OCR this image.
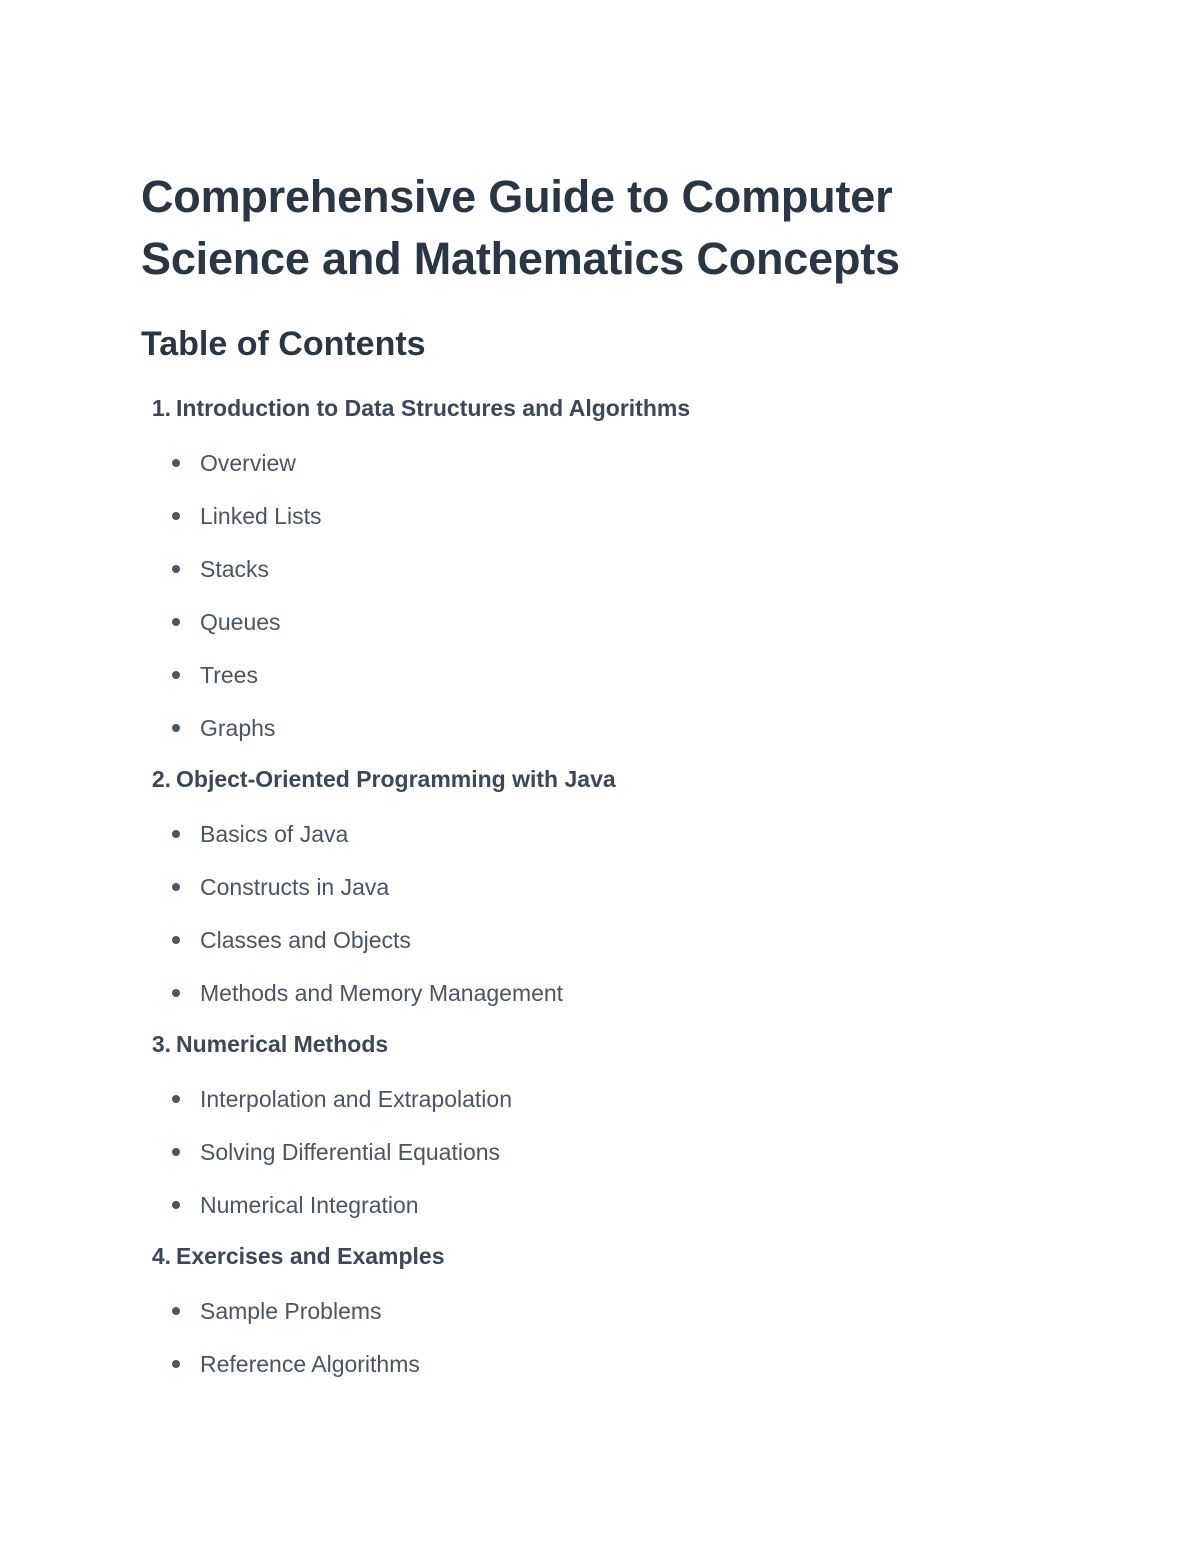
Comprehensive Guide to Computer
Science and Mathematics Concepts
Table of Contents
1. Introduction to Data Structures and Algorithms
Overview
Linked Lists
Stacks
Queues
Trees
Graphs
2. Object-Oriented Programming with Java
Basics of Java
Constructs in Java
Classes and Objects
Methods and Memory Management
3. Numerical Methods
Interpolation and Extrapolation
Solving Differential Equations
Numerical Integration
4. Exercises and Examples
Sample Problems
Reference Algorithms
